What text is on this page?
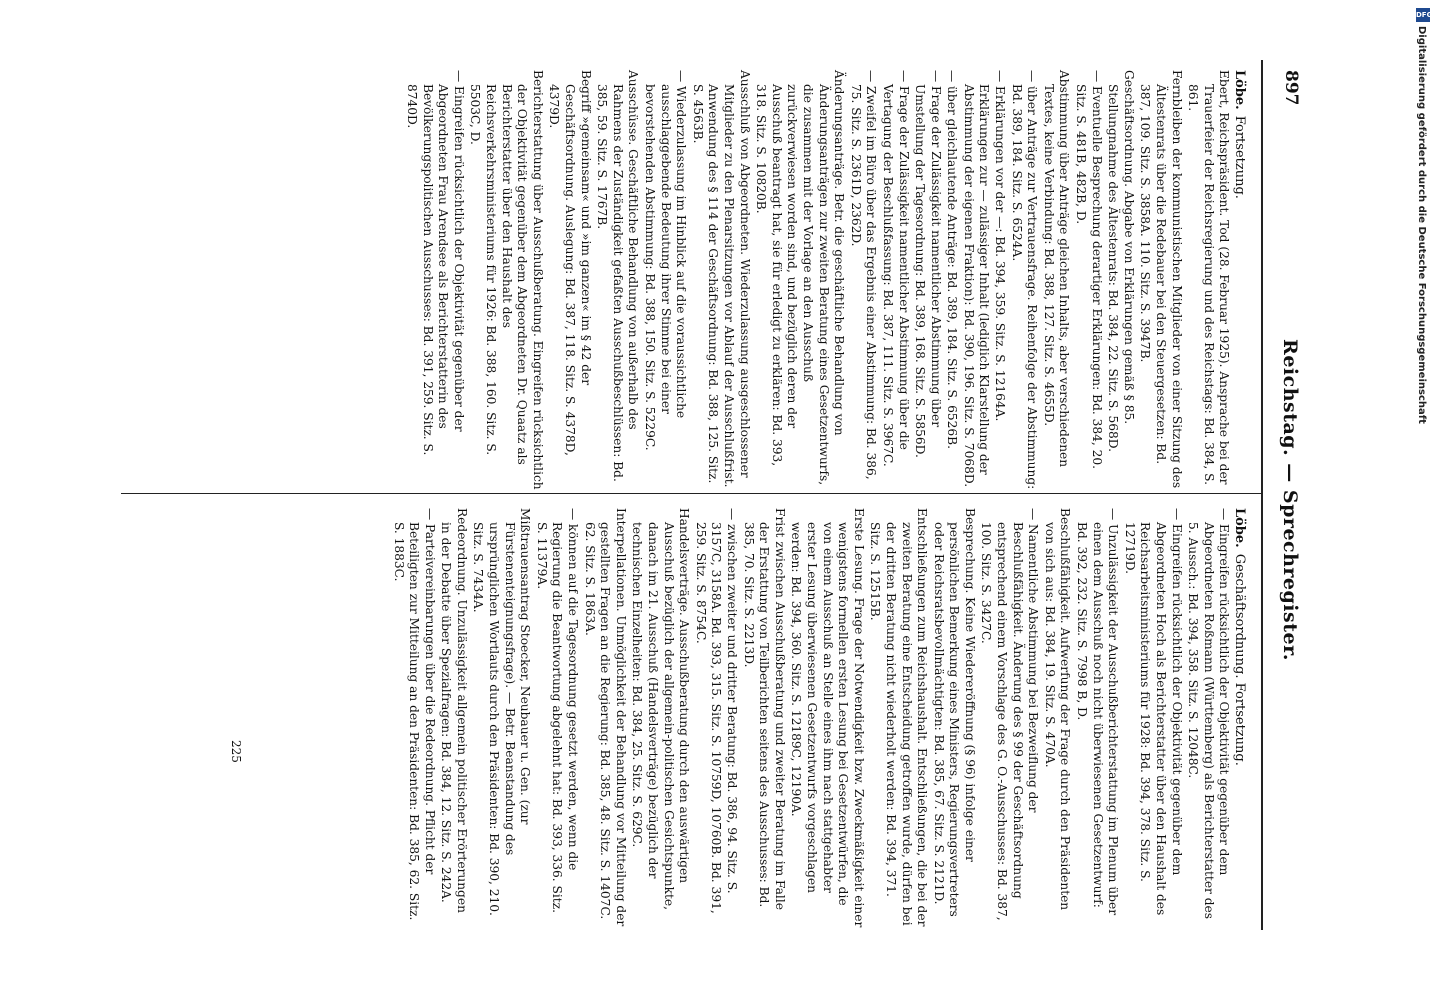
897
Reichstag. — Sprechregister.
Löbe.Fortsetzung.
Ebert, Reichspräsident. Tod (28. Februar 1925). Ansprache bei der Trauerfeier der Reichsregierung und des Reichstags: Bd. 384, S. 861.
Fernbleiben der kommunistischen Mitglieder von einer Sitzung des Ältestenrats über die Redebauer bei den Steuergesetzen: Bd. 387, 109. Sitz. S. 3858A. 110. Sitz. S. 3947B.
Geschäftsordnung. Abgabe von Erklärungen gemäß § 85. Stellungnahme des Ältestenrats: Bd. 384, 22. Sitz. S. 568D.
— Eventuelle Besprechung derartiger Erklärungen: Bd. 384, 20. Sitz. S. 481B, 482B, D.
Abstimmung über Anträge gleichen Inhalts, aber verschiedenen Textes, keine Verbindung: Bd. 388, 127. Sitz. S. 4655D.
— über Anträge zur Vertrauensfrage. Reihenfolge der Abstimmung: Bd. 389, 184. Sitz. S. 6524A.
— Erklärungen vor der —: Bd. 394, 359. Sitz. S. 12164A. Erklärungen zur — zulässiger Inhalt (lediglich Klarstellung der Abstimmung der eigenen Fraktion): Bd. 390, 196. Sitz. S. 7068D.
— über gleichlautende Anträge: Bd. 389, 184. Sitz. S. 6526B.
— Frage der Zulässigkeit namentlicher Abstimmung über Umstellung der Tagesordnung: Bd. 389, 168. Sitz. S. 5856D.
— Frage der Zulässigkeit namentlicher Abstimmung über die Vertagung der Beschlußfassung: Bd. 387, 111. Sitz. S. 3967C.
— Zweifel im Büro über das Ergebnis einer Abstimmung: Bd. 386, 75. Sitz. S. 2361D, 2362D.
Änderungsanträge. Betr. die geschäftliche Behandlung von Änderungsanträgen zur zweiten Beratung eines Gesetzentwurfs, die zusammen mit der Vorlage an den Ausschuß zurückverwiesen worden sind, und bezüglich deren der Ausschuß beantragt hat, sie für erledigt zu erklären: Bd. 393, 318. Sitz. S. 10820B.
Ausschluß von Abgeordneten. Wiederzulassung ausgeschlossener Mitglieder zu den Plenarsitzungen vor Ablauf der Ausschlußfrist. Anwendung des § 114 der Geschäftsordnung: Bd. 388, 125. Sitz. S. 4563B.
— Wiederzulassung im Hinblick auf die voraussichtliche ausschlaggebende Bedeutung ihrer Stimme bei einer bevorstehenden Abstimmung: Bd. 388, 150. Sitz. S. 5229C.
Ausschüsse. Geschäftliche Behandlung von außerhalb des Rahmens der Zuständigkeit gefaßten Ausschußbeschlüssen: Bd. 385, 59. Sitz. S. 1767B.
Begriff »gemeinsam« und »im ganzen« im § 42 der Geschäftsordnung. Auslegung: Bd. 387, 118. Sitz. S. 4378D, 4379D.
Berichterstattung über Ausschußberatung. Eingreifen rücksichtlich der Objektivität gegenüber dem Abgeordneten Dr. Quaatz als Berichterstatter über den Haushalt des Reichsverkehrsministeriums für 1926: Bd. 388, 160. Sitz. S. 5503C, D.
— Eingreifen rücksichtlich der Objektivität gegenüber der Abgeordneten Frau Arendsee als Berichterstatterin des Bevölkerungspolitischen Ausschusses: Bd. 391, 259. Sitz. S. 8740D.
Löbe.Geschäftsordnung. Fortsetzung.
— Eingreifen rücksichtlich der Objektivität gegenüber dem Abgeordneten Roßmann (Württemberg) als Berichterstatter des 5. Aussch.: Bd. 394, 358. Sitz. S. 12048C.
— Eingreifen rücksichtlich der Objektivität gegenüber dem Abgeordneten Hoch als Berichterstatter über den Haushalt des Reichsarbeitsministeriums für 1928: Bd. 394, 378. Sitz. S. 12719D.
— Unzulässigkeit der Ausschußberichterstattung im Plenum über einen dem Ausschuß noch nicht überwiesenen Gesetzentwurf: Bd. 392, 232. Sitz. S. 7998 B, D.
Beschlußfähigkeit. Aufwerfung der Frage durch den Präsidenten von sich aus: Bd. 384, 19. Sitz. S. 470A.
— Namentliche Abstimmung bei Bezweiflung der Beschlußfähigkeit. Änderung des § 99 der Geschäftsordnung entsprechend einem Vorschlage des G. O.-Ausschusses: Bd. 387, 100. Sitz. S. 3427C.
Besprechung. Keine Wiedereröffnung (§ 96) infolge einer persönlichen Bemerkung eines Ministers, Regierungsvertreters oder Reichsratsbevollmächtigten: Bd. 385, 67. Sitz. S. 2121D.
Entschließungen zum Reichshaushalt. Entschließungen, die bei der zweiten Beratung eine Entscheidung getroffen wurde, dürfen bei der dritten Beratung nicht wiederholt werden: Bd. 394, 371. Sitz. S. 12515B.
Erste Lesung. Frage der Notwendigkeit bzw. Zweckmäßigkeit einer wenigstens formellen ersten Lesung bei Gesetzentwürfen, die von einem Ausschuß an Stelle eines ihm nach stattgehabter erster Lesung überwiesenen Gesetzentwurfs vorgeschlagen werden: Bd. 394, 360. Sitz. S. 12189C, 12190A.
Frist zwischen Ausschußberatung und zweiter Beratung im Falle der Erstattung von Teilberichten seitens des Ausschusses: Bd. 385, 70. Sitz. S. 2213D.
— zwischen zweiter und dritter Beratung: Bd. 386, 94. Sitz. S. 3157C, 3158A. Bd. 393, 315. Sitz. S. 10759D, 10760B. Bd. 391, 259. Sitz. S. 8754C.
Handelsverträge. Ausschußberatung durch den auswärtigen Ausschuß bezüglich der allgemein-politischen Gesichtspunkte, danach im 21. Ausschuß (Handelsverträge) bezüglich der technischen Einzelheiten: Bd. 384, 25. Sitz. S. 629C.
Interpellationen. Unmöglichkeit der Behandlung vor Mitteilung der gestellten Fragen an die Regierung: Bd. 385, 48. Sitz. S. 1407C. 62. Sitz. S. 1863A.
— können auf die Tagesordnung gesetzt werden, wenn die Regierung die Beantwortung abgelehnt hat: Bd. 393, 336. Sitz. S. 11379A.
Mißtrauensantrag Stoecker, Neubauer u. Gen. (zur Fürstenenteignungsfrage). — Betr. Beanstandung des ursprünglichen Wortlauts durch den Präsidenten: Bd. 390, 210. Sitz. S. 7434A.
Redeordnung. Unzulässigkeit allgemein politischer Erörterungen in der Debatte über Spezialfragen: Bd. 384, 12. Sitz. S. 242A.
— Parteivereinbarungen über die Redeordnung. Pflicht der Beteiligten zur Mitteilung an den Präsidenten: Bd. 385, 62. Sitz. S. 1883C.
225
DFG
Digitalisierung gefördert durch die Deutsche Forschungsgemeinschaft
